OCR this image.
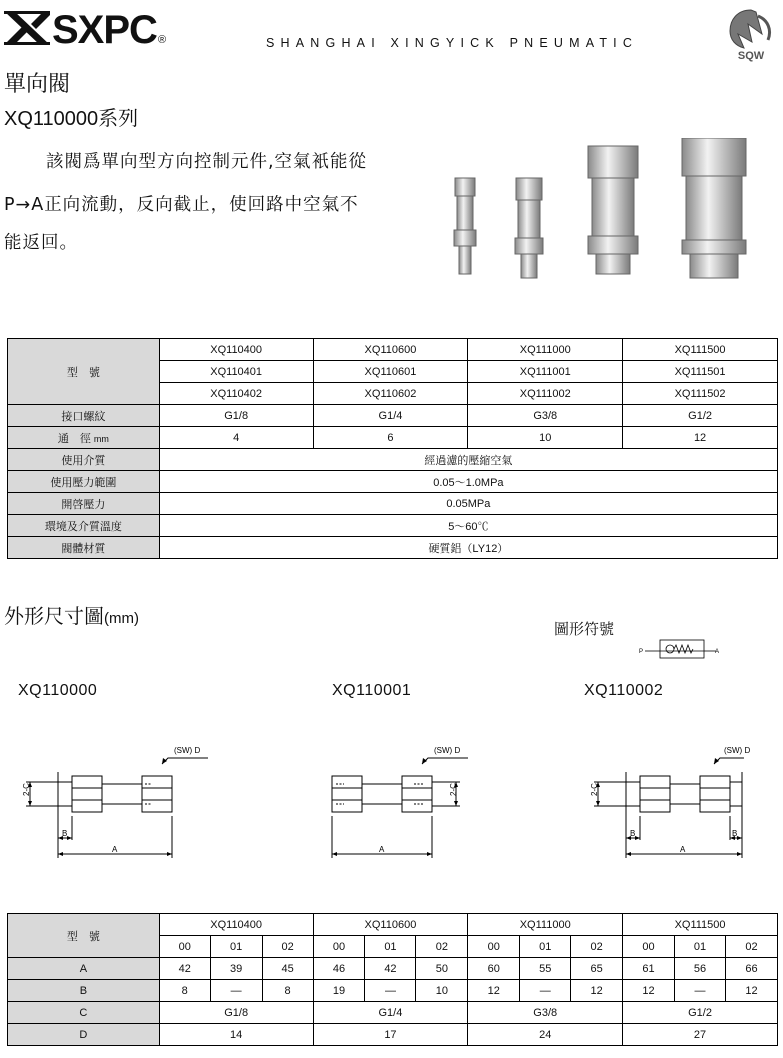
SXPC®	SHANGHAI XINGYICK PNEUMATIC
SQW
單向閥
XQ110000系列
該閥爲單向型方向控制元件,空氣衹能從
P→A正向流動，反向截止，使回路中空氣不
能返回。
型　號	XQ110400	XQ110600	XQ111000	XQ111500
	XQ110401	XQ110601	XQ111001	XQ111501
	XQ110402	XQ110602	XQ111002	XQ111502
接口螺紋	G1/8	G1/4	G3/8	G1/2
通　徑 mm	4	6	10	12
使用介質	經過濾的壓縮空氣			
使用壓力範圍	0.05～1.0MPa			
開啓壓力	0.05MPa			
環境及介質溫度	5～60℃			
閥體材質	硬質鋁（LY12）			
外形尺寸圖(mm)
圖形符號
P	A
XQ110000	XQ110001	XQ110002
(SW) D
2-C
B
A
(SW) D
2-C
A
(SW) D
2-C
B	B
A
型　號	XQ110400			XQ110600			XQ111000			XQ111500		
	00	01	02	00	01	02	00	01	02	00	01	02
A	42	39	45	46	42	50	60	55	65	61	56	66
B	8	—	8	19	—	10	12	—	12	12	—	12
C	G1/8			G1/4			G3/8			G1/2		
D	14			17			24			27		
